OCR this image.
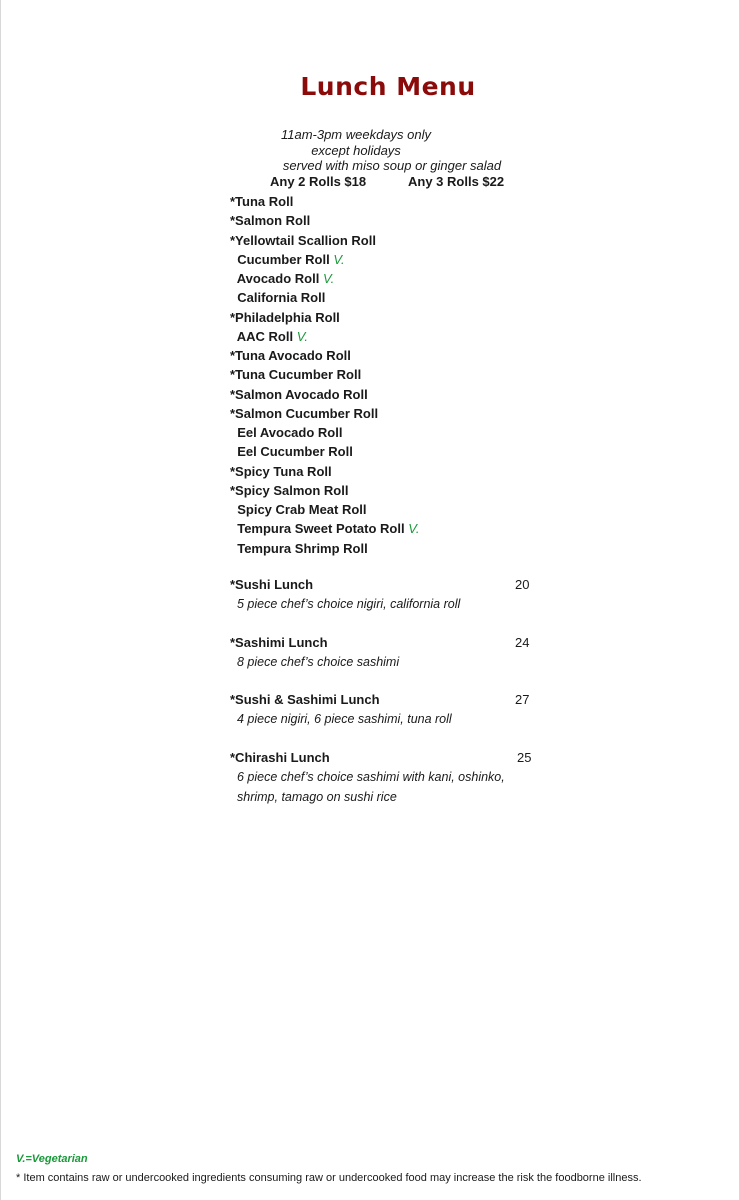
Lunch Menu
11am-3pm weekdays only
except holidays
served with miso soup or ginger salad
Any 2 Rolls $18	Any 3 Rolls $22
*Tuna Roll
*Salmon Roll
*Yellowtail Scallion Roll
Cucumber Roll V.
Avocado Roll V.
California Roll
*Philadelphia Roll
AAC Roll V.
*Tuna Avocado Roll
*Tuna Cucumber Roll
*Salmon Avocado Roll
*Salmon Cucumber Roll
Eel Avocado Roll
Eel Cucumber Roll
*Spicy Tuna Roll
*Spicy Salmon Roll
Spicy Crab Meat Roll
Tempura Sweet Potato Roll V.
Tempura Shrimp Roll
*Sushi Lunch	20
5 piece chef’s choice nigiri, california roll
*Sashimi Lunch	24
8 piece chef’s choice sashimi
*Sushi & Sashimi Lunch	27
4 piece nigiri, 6 piece sashimi, tuna roll
*Chirashi Lunch	25
6 piece chef’s choice sashimi with kani, oshinko, shrimp, tamago on sushi rice
V.=Vegetarian
* Item contains raw or undercooked ingredients consuming raw or undercooked food may increase the risk the foodborne illness.
